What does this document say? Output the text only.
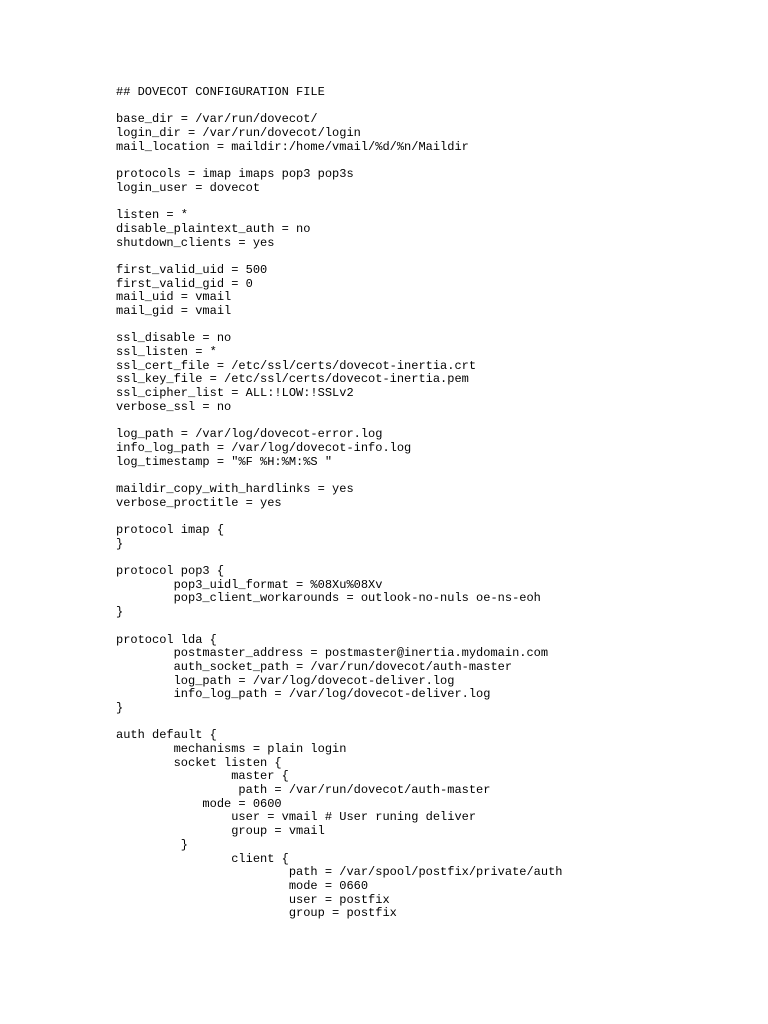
## DOVECOT CONFIGURATION FILE

base_dir = /var/run/dovecot/
login_dir = /var/run/dovecot/login
mail_location = maildir:/home/vmail/%d/%n/Maildir

protocols = imap imaps pop3 pop3s
login_user = dovecot

listen = *
disable_plaintext_auth = no
shutdown_clients = yes

first_valid_uid = 500
first_valid_gid = 0
mail_uid = vmail
mail_gid = vmail

ssl_disable = no
ssl_listen = *
ssl_cert_file = /etc/ssl/certs/dovecot-inertia.crt
ssl_key_file = /etc/ssl/certs/dovecot-inertia.pem
ssl_cipher_list = ALL:!LOW:!SSLv2
verbose_ssl = no

log_path = /var/log/dovecot-error.log
info_log_path = /var/log/dovecot-info.log
log_timestamp = "%F %H:%M:%S "

maildir_copy_with_hardlinks = yes
verbose_proctitle = yes

protocol imap {
}

protocol pop3 {
pop3_uidl_format = %08Xu%08Xv
pop3_client_workarounds = outlook-no-nuls oe-ns-eoh
}

protocol lda {
postmaster_address = postmaster@inertia.mydomain.com
auth_socket_path = /var/run/dovecot/auth-master
log_path = /var/log/dovecot-deliver.log
info_log_path = /var/log/dovecot-deliver.log
}

auth default {
mechanisms = plain login
socket listen {
master {
path = /var/run/dovecot/auth-master
mode = 0600
user = vmail # User runing deliver
group = vmail
}
client {
path = /var/spool/postfix/private/auth
mode = 0660
user = postfix
group = postfix
